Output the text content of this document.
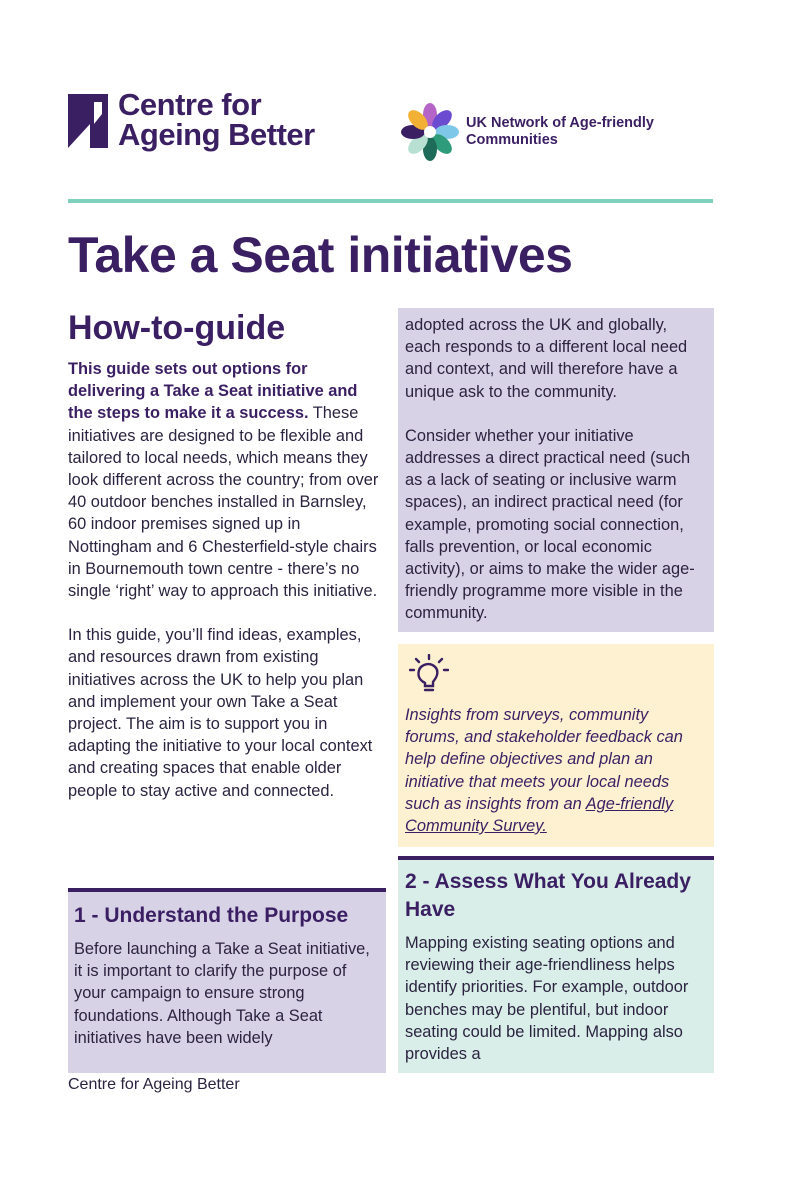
Centre for
Ageing Better	UK Network of Age-friendly
Communities
Take a Seat initiatives
How-to-guide

This guide sets out options for delivering a Take a Seat initiative and the steps to make it a success. These initiatives are designed to be flexible and tailored to local needs, which means they look different across the country; from over 40 outdoor benches installed in Barnsley, 60 indoor premises signed up in Nottingham and 6 Chesterfield-style chairs in Bournemouth town centre - there’s no single ‘right’ way to approach this initiative.

In this guide, you’ll find ideas, examples, and resources drawn from existing initiatives across the UK to help you plan and implement your own Take a Seat project. The aim is to support you in adapting the initiative to your local context and creating spaces that enable older people to stay active and connected.

1 - Understand the Purpose

Before launching a Take a Seat initiative, it is important to clarify the purpose of your campaign to ensure strong foundations. Although Take a Seat initiatives have been widely

Centre for Ageing Better

adopted across the UK and globally, each responds to a different local need and context, and will therefore have a unique ask to the community.

Consider whether your initiative addresses a direct practical need (such as a lack of seating or inclusive warm spaces), an indirect practical need (for example, promoting social connection, falls prevention, or local economic activity), or aims to make the wider age-friendly programme more visible in the community.

Insights from surveys, community forums, and stakeholder feedback can help define objectives and plan an initiative that meets your local needs such as insights from an Age-friendly Community Survey.

2 - Assess What You Already Have

Mapping existing seating options and reviewing their age-friendliness helps identify priorities. For example, outdoor benches may be plentiful, but indoor seating could be limited. Mapping also provides a
